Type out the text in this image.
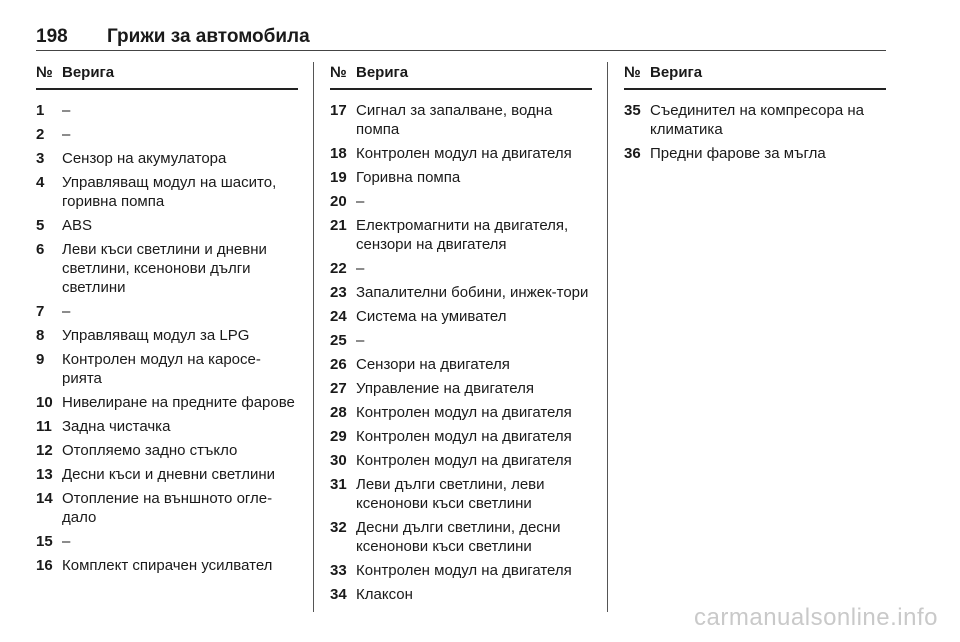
198 Грижи за автомобила
№ Верига
1	–
2	–
3	Сензор на акумулатора
4	Управляващ модул на шасито, горивна помпа
5	ABS
6	Леви къси светлини и дневни светлини, ксенонови дълги светлини
7	–
8	Управляващ модул за LPG
9	Контролен модул на каросе-рията
10 Нивелиране на предните фарове
11 Задна чистачка
12 Отопляемо задно стъкло
13 Десни къси и дневни светлини
14 Отопление на външното огле-дало
15 –
16 Комплект спирачен усилвател
№ Верига
17 Сигнал за запалване, водна помпа
18 Контролен модул на двигателя
19 Горивна помпа
20 –
21 Електромагнити на двигателя, сензори на двигателя
22 –
23 Запалителни бобини, инжек-тори
24 Система на умивател
25 –
26 Сензори на двигателя
27 Управление на двигателя
28 Контролен модул на двигателя
29 Контролен модул на двигателя
30 Контролен модул на двигателя
31 Леви дълги светлини, леви ксенонови къси светлини
32 Десни дълги светлини, десни ксенонови къси светлини
33 Контролен модул на двигателя
34 Клаксон
№ Верига
35 Съединител на компресора на климатика
36 Предни фарове за мъгла
carmanualsonline.info
